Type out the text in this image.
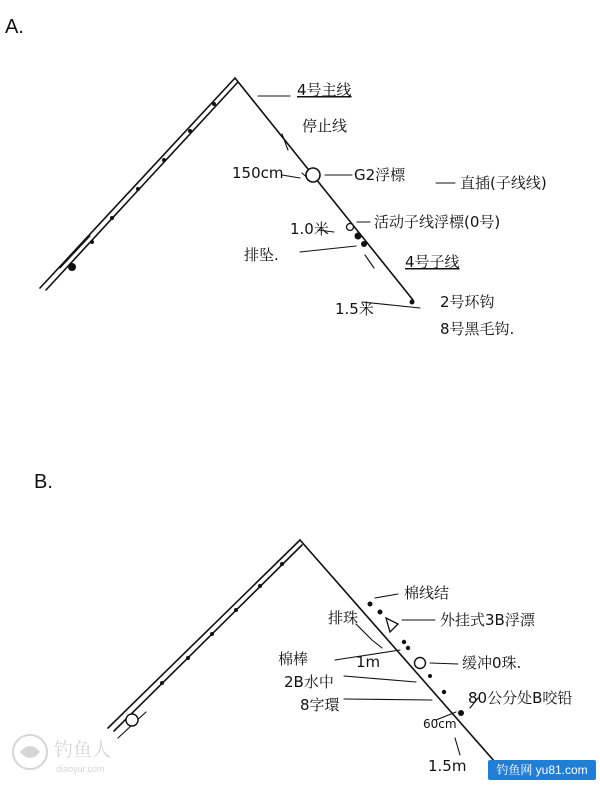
A.
4号主线
停止线
150cm	G2浮標	直插(子线线)
1.0米	活动子线浮標(0号)
排坠.	4号子线
1.5米	2号环钩
8号黑毛钩.
B.
棉线结
排珠	外挂式3B浮漂
棉棒	1m	缓冲0珠.
2B水中
8字環	80公分处B咬铅
60cm
1.5m
钓鱼人
diaoyur.com	钓鱼网 yu81.com
